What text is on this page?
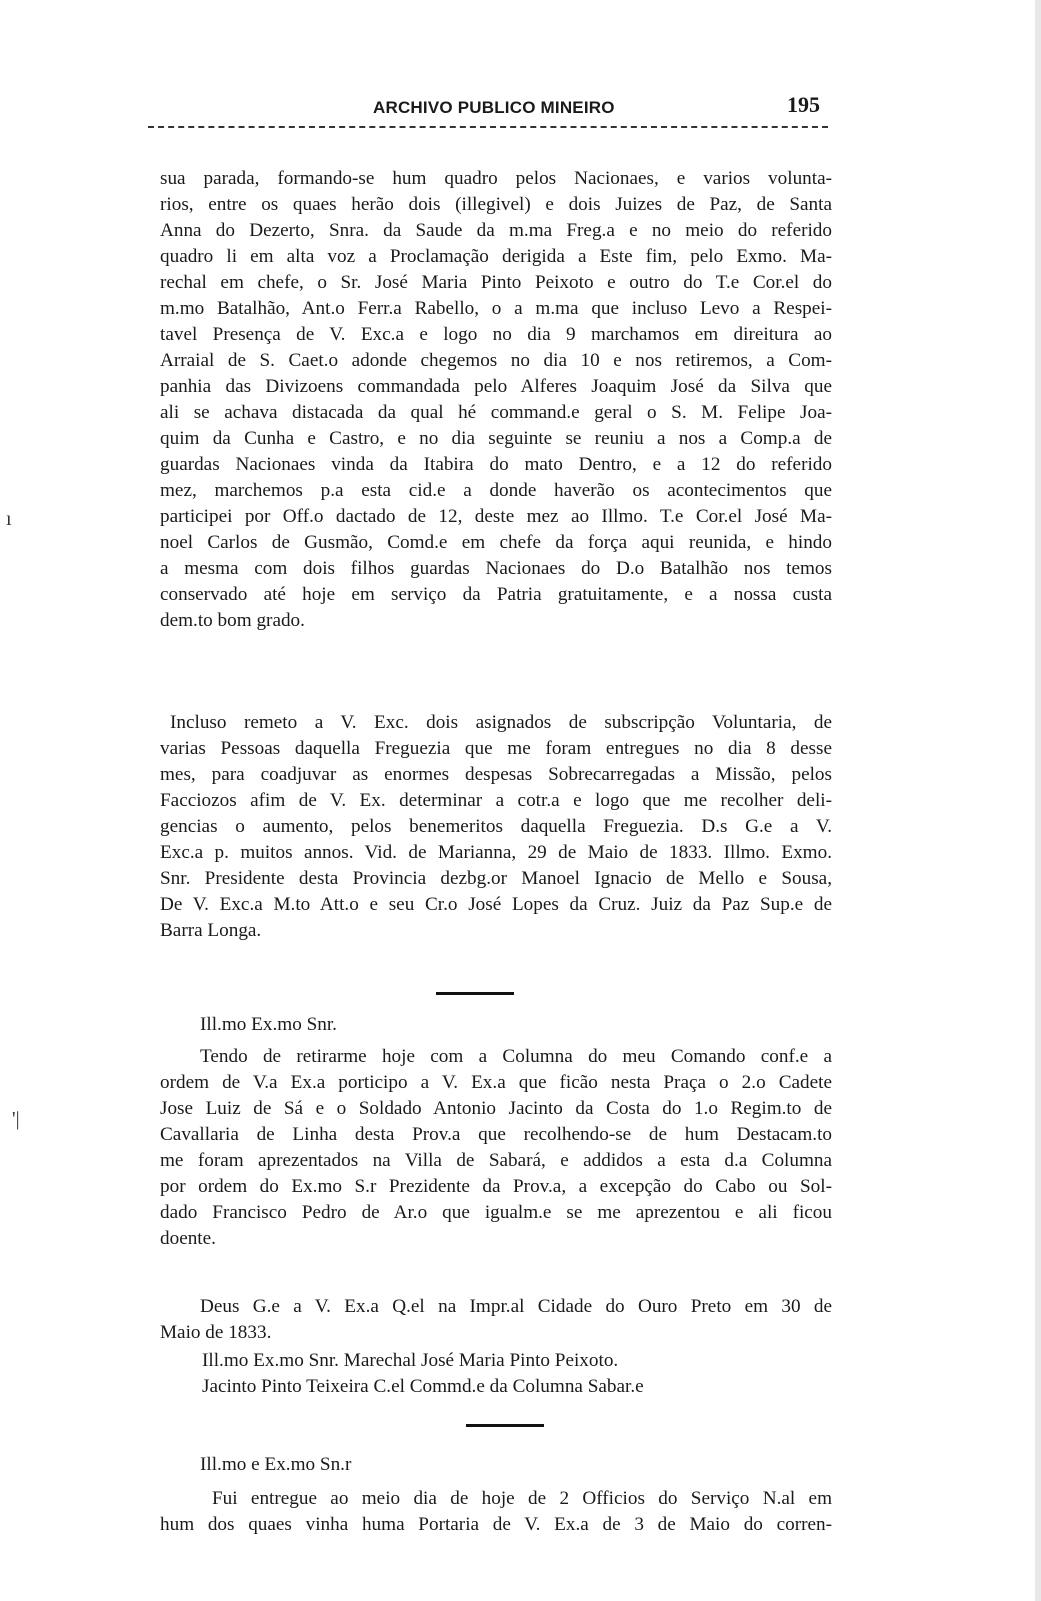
ARCHIVO PUBLICO MINEIRO	195
ı
'|
sua parada, formando-se hum quadro pelos Nacionaes, e varios volunta-
rios, entre os quaes herão dois (illegivel) e dois Juizes de Paz, de Santa
Anna do Dezerto, Snra. da Saude da m.ma Freg.a e no meio do referido
quadro li em alta voz a Proclamação derigida a Este fim, pelo Exmo. Ma-
rechal em chefe, o Sr. José Maria Pinto Peixoto e outro do T.e Cor.el do
m.mo Batalhão, Ant.o Ferr.a Rabello, o a m.ma que incluso Levo a Respei-
tavel Presença de V. Exc.a e logo no dia 9 marchamos em direitura ao
Arraial de S. Caet.o adonde chegemos no dia 10 e nos retiremos, a Com-
panhia das Divizoens commandada pelo Alferes Joaquim José da Silva que
ali se achava distacada da qual hé command.e geral o S. M. Felipe Joa-
quim da Cunha e Castro, e no dia seguinte se reuniu a nos a Comp.a de
guardas Nacionaes vinda da Itabira do mato Dentro, e a 12 do referido
mez, marchemos p.a esta cid.e a donde haverão os acontecimentos que
participei por Off.o dactado de 12, deste mez ao Illmo. T.e Cor.el José Ma-
noel Carlos de Gusmão, Comd.e em chefe da força aqui reunida, e hindo
a mesma com dois filhos guardas Nacionaes do D.o Batalhão nos temos
conservado até hoje em serviço da Patria gratuitamente, e a nossa custa
dem.to bom grado.
Incluso remeto a V. Exc. dois asignados de subscripção Voluntaria, de
varias Pessoas daquella Freguezia que me foram entregues no dia 8 desse
mes, para coadjuvar as enormes despesas Sobrecarregadas a Missão, pelos
Facciozos afim de V. Ex. determinar a cotr.a e logo que me recolher deli-
gencias o aumento, pelos benemeritos daquella Freguezia. D.s G.e a V.
Exc.a p. muitos annos. Vid. de Marianna, 29 de Maio de 1833. Illmo. Exmo.
Snr. Presidente desta Provincia dezbg.or Manoel Ignacio de Mello e Sousa,
De V. Exc.a M.to Att.o e seu Cr.o José Lopes da Cruz. Juiz da Paz Sup.e de
Barra Longa.
Ill.mo Ex.mo Snr.
Tendo de retirarme hoje com a Columna do meu Comando conf.e a
ordem de V.a Ex.a porticipo a V. Ex.a que ficão nesta Praça o 2.o Cadete
Jose Luiz de Sá e o Soldado Antonio Jacinto da Costa do 1.o Regim.to de
Cavallaria de Linha desta Prov.a que recolhendo-se de hum Destacam.to
me foram aprezentados na Villa de Sabará, e addidos a esta d.a Columna
por ordem do Ex.mo S.r Prezidente da Prov.a, a excepção do Cabo ou Sol-
dado Francisco Pedro de Ar.o que igualm.e se me aprezentou e ali ficou
doente.
Deus G.e a V. Ex.a Q.el na Impr.al Cidade do Ouro Preto em 30 de
Maio de 1833.
Ill.mo Ex.mo Snr. Marechal José Maria Pinto Peixoto.
Jacinto Pinto Teixeira C.el Commd.e da Columna Sabar.e
Ill.mo e Ex.mo Sn.r
Fui entregue ao meio dia de hoje de 2 Officios do Serviço N.al em
hum dos quaes vinha huma Portaria de V. Ex.a de 3 de Maio do corren-
